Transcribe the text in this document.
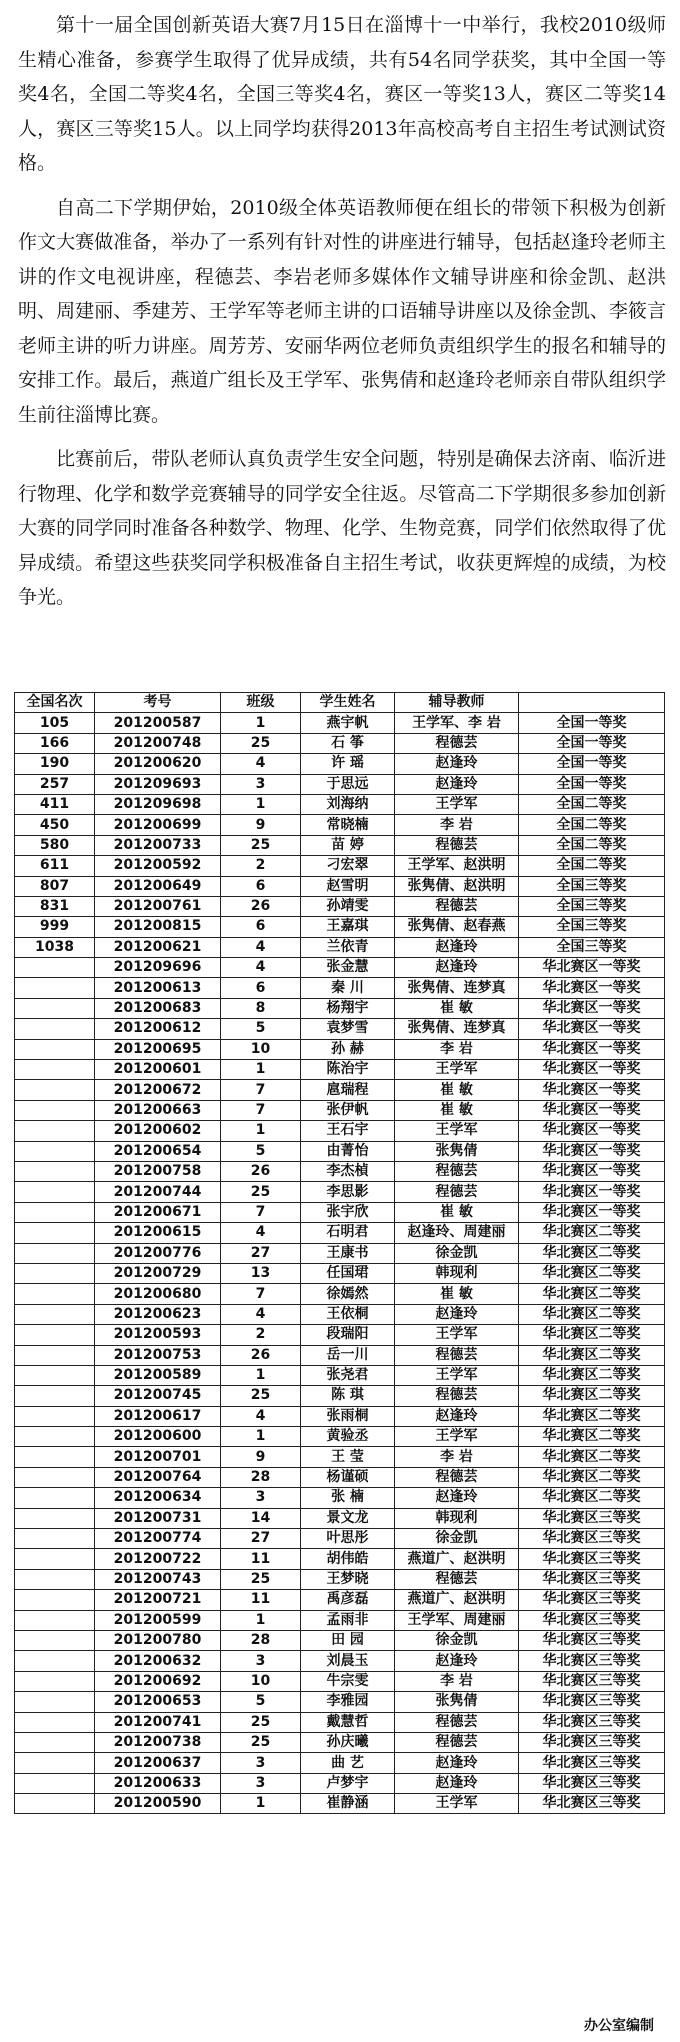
第十一届全国创新英语大赛7月15日在淄博十一中举行，我校2010级师生精心准备，参赛学生取得了优异成绩，共有54名同学获奖，其中全国一等奖4名，全国二等奖4名，全国三等奖4名，赛区一等奖13人，赛区二等奖14人，赛区三等奖15人。以上同学均获得2013年高校高考自主招生考试测试资格。

自高二下学期伊始，2010级全体英语教师便在组长的带领下积极为创新作文大赛做准备，举办了一系列有针对性的讲座进行辅导，包括赵逢玲老师主讲的作文电视讲座，程德芸、李岩老师多媒体作文辅导讲座和徐金凯、赵洪明、周建丽、季建芳、王学军等老师主讲的口语辅导讲座以及徐金凯、李筱言老师主讲的听力讲座。周芳芳、安丽华两位老师负责组织学生的报名和辅导的安排工作。最后，燕道广组长及王学军、张隽倩和赵逢玲老师亲自带队组织学生前往淄博比赛。

比赛前后，带队老师认真负责学生安全问题，特别是确保去济南、临沂进行物理、化学和数学竞赛辅导的同学安全往返。尽管高二下学期很多参加创新大赛的同学同时准备各种数学、物理、化学、生物竞赛，同学们依然取得了优异成绩。希望这些获奖同学积极准备自主招生考试，收获更辉煌的成绩，为校争光。

全国名次	考号	班级	学生姓名	辅导教师	
105	201200587	1	燕宇帆	王学军、李 岩	全国一等奖
166	201200748	25	石 筝	程德芸	全国一等奖
190	201200620	4	许 瑶	赵逢玲	全国一等奖
257	201209693	3	于思远	赵逢玲	全国一等奖
411	201209698	1	刘海纳	王学军	全国二等奖
450	201200699	9	常晓楠	李 岩	全国二等奖
580	201200733	25	苗 婷	程德芸	全国二等奖
611	201200592	2	刁宏翠	王学军、赵洪明	全国二等奖
807	201200649	6	赵雪明	张隽倩、赵洪明	全国三等奖
831	201200761	26	孙靖雯	程德芸	全国三等奖
999	201200815	6	王嘉琪	张隽倩、赵春燕	全国三等奖
1038	201200621	4	兰依青	赵逢玲	全国三等奖
	201209696	4	张金慧	赵逢玲	华北赛区一等奖
	201200613	6	秦 川	张隽倩、连梦真	华北赛区一等奖
	201200683	8	杨翔宇	崔 敏	华北赛区一等奖
	201200612	5	袁梦雪	张隽倩、连梦真	华北赛区一等奖
	201200695	10	孙 赫	李 岩	华北赛区一等奖
	201200601	1	陈治宇	王学军	华北赛区一等奖
	201200672	7	扈瑞程	崔 敏	华北赛区一等奖
	201200663	7	张伊帆	崔 敏	华北赛区一等奖
	201200602	1	王石宇	王学军	华北赛区一等奖
	201200654	5	由菁怡	张隽倩	华北赛区一等奖
	201200758	26	李杰楨	程德芸	华北赛区一等奖
	201200744	25	李思影	程德芸	华北赛区一等奖
	201200671	7	张宇欣	崔 敏	华北赛区一等奖
	201200615	4	石明君	赵逢玲、周建丽	华北赛区二等奖
	201200776	27	王康书	徐金凯	华北赛区二等奖
	201200729	13	任国珺	韩现利	华北赛区二等奖
	201200680	7	徐嫣然	崔 敏	华北赛区二等奖
	201200623	4	王依桐	赵逢玲	华北赛区二等奖
	201200593	2	段瑞阳	王学军	华北赛区二等奖
	201200753	26	岳一川	程德芸	华北赛区二等奖
	201200589	1	张尧君	王学军	华北赛区二等奖
	201200745	25	陈 琪	程德芸	华北赛区二等奖
	201200617	4	张雨桐	赵逢玲	华北赛区二等奖
	201200600	1	黄验丞	王学军	华北赛区二等奖
	201200701	9	王 莹	李 岩	华北赛区二等奖
	201200764	28	杨谨硕	程德芸	华北赛区二等奖
	201200634	3	张 楠	赵逢玲	华北赛区二等奖
	201200731	14	景文龙	韩现利	华北赛区三等奖
	201200774	27	叶思彤	徐金凯	华北赛区三等奖
	201200722	11	胡伟皓	燕道广、赵洪明	华北赛区三等奖
	201200743	25	王梦晓	程德芸	华北赛区三等奖
	201200721	11	禹彦磊	燕道广、赵洪明	华北赛区三等奖
	201200599	1	孟雨非	王学军、周建丽	华北赛区三等奖
	201200780	28	田 园	徐金凯	华北赛区三等奖
	201200632	3	刘晨玉	赵逢玲	华北赛区三等奖
	201200692	10	牛宗雯	李 岩	华北赛区三等奖
	201200653	5	李雅园	张隽倩	华北赛区三等奖
	201200741	25	戴慧哲	程德芸	华北赛区三等奖
	201200738	25	孙庆曦	程德芸	华北赛区三等奖
	201200637	3	曲 艺	赵逢玲	华北赛区三等奖
	201200633	3	卢梦宇	赵逢玲	华北赛区三等奖
	201200590	1	崔静涵	王学军	华北赛区三等奖
办公室编制
